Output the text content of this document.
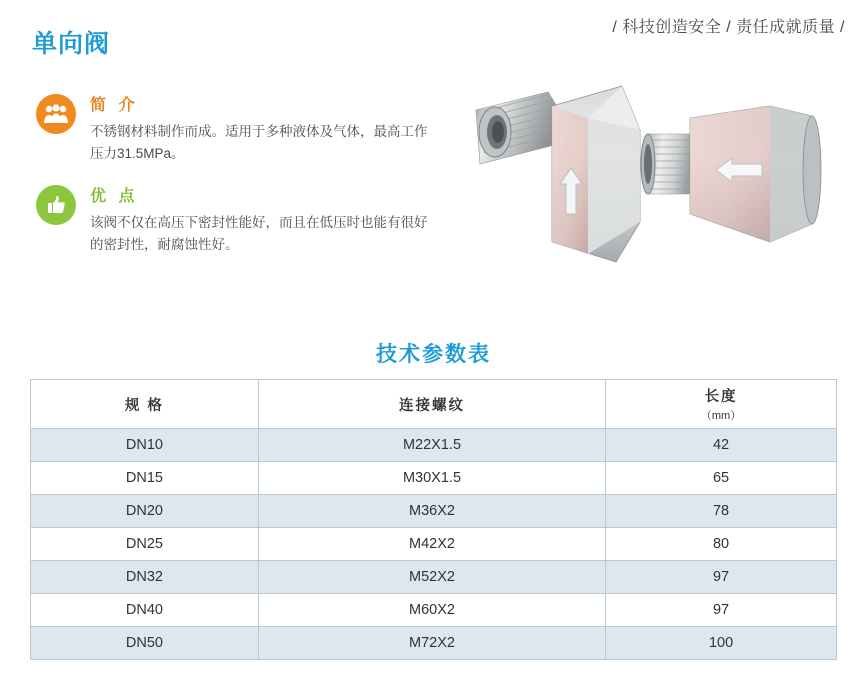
单向阀
/ 科技创造安全 / 责任成就质量 /
简 介
不锈钢材料制作而成。适用于多种液体及气体，最高工作压力31.5MPa。
优 点
该阀不仅在高压下密封性能好，而且在低压时也能有很好的密封性，耐腐蚀性好。
技术参数表
规 格	连接螺纹	长度
（mm）

DN10	M22X1.5	42
DN15	M30X1.5	65
DN20	M36X2	78
DN25	M42X2	80
DN32	M52X2	97
DN40	M60X2	97
DN50	M72X2	100
